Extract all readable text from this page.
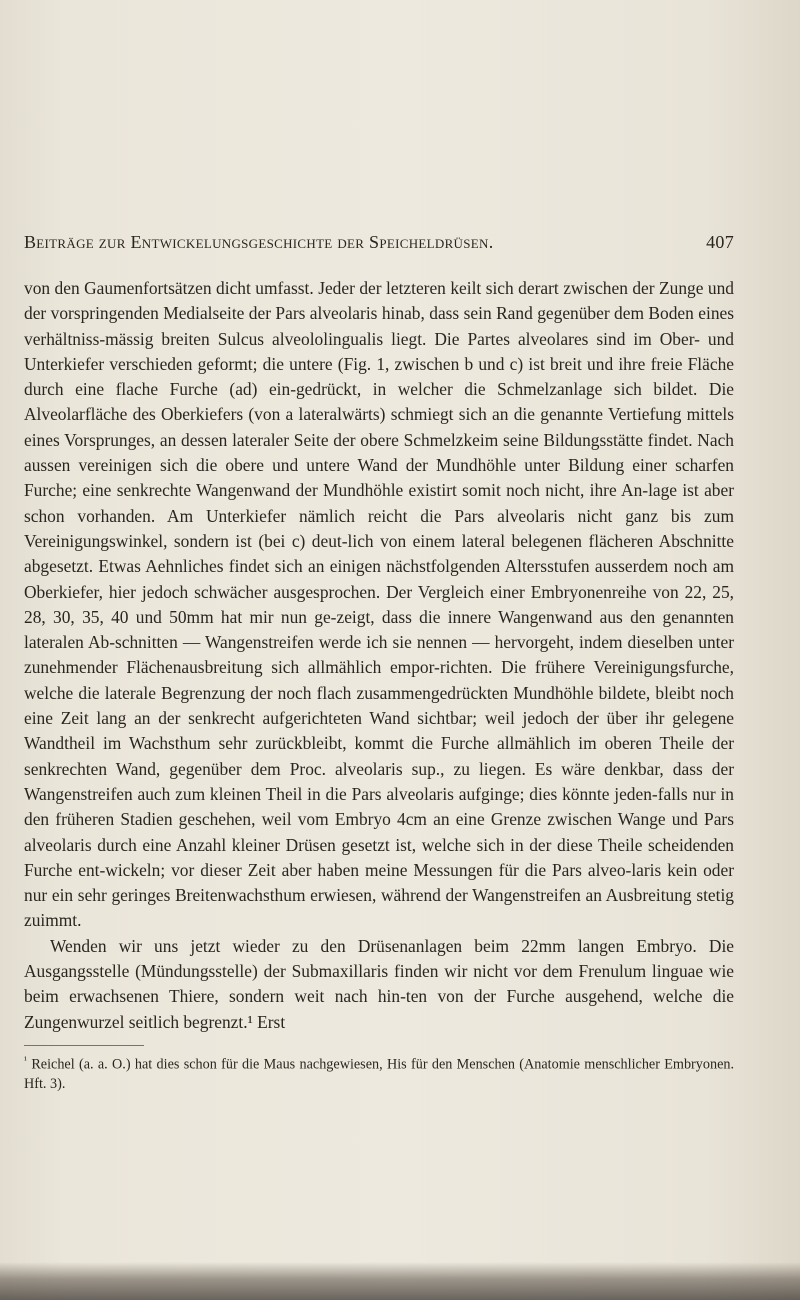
Beiträge zur Entwickelungsgeschichte der Speicheldrüsen.	407

von den Gaumenfortsätzen dicht umfasst. Jeder der letzteren keilt sich derart zwischen der Zunge und der vorspringenden Medialseite der Pars alveolaris hinab, dass sein Rand gegenüber dem Boden eines verhältniss-mässig breiten Sulcus alveololingualis liegt. Die Partes alveolares sind im Ober- und Unterkiefer verschieden geformt; die untere (Fig. 1, zwischen b und c) ist breit und ihre freie Fläche durch eine flache Furche (ad) ein-gedrückt, in welcher die Schmelzanlage sich bildet. Die Alveolarfläche des Oberkiefers (von a lateralwärts) schmiegt sich an die genannte Vertiefung mittels eines Vorsprunges, an dessen lateraler Seite der obere Schmelzkeim seine Bildungsstätte findet. Nach aussen vereinigen sich die obere und untere Wand der Mundhöhle unter Bildung einer scharfen Furche; eine senkrechte Wangenwand der Mundhöhle existirt somit noch nicht, ihre An-lage ist aber schon vorhanden. Am Unterkiefer nämlich reicht die Pars alveolaris nicht ganz bis zum Vereinigungswinkel, sondern ist (bei c) deut-lich von einem lateral belegenen flächeren Abschnitte abgesetzt. Etwas Aehnliches findet sich an einigen nächstfolgenden Altersstufen ausserdem noch am Oberkiefer, hier jedoch schwächer ausgesprochen. Der Vergleich einer Embryonenreihe von 22, 25, 28, 30, 35, 40 und 50mm hat mir nun ge-zeigt, dass die innere Wangenwand aus den genannten lateralen Ab-schnitten — Wangenstreifen werde ich sie nennen — hervorgeht, indem dieselben unter zunehmender Flächenausbreitung sich allmählich empor-richten. Die frühere Vereinigungsfurche, welche die laterale Begrenzung der noch flach zusammengedrückten Mundhöhle bildete, bleibt noch eine Zeit lang an der senkrecht aufgerichteten Wand sichtbar; weil jedoch der über ihr gelegene Wandtheil im Wachsthum sehr zurückbleibt, kommt die Furche allmählich im oberen Theile der senkrechten Wand, gegenüber dem Proc. alveolaris sup., zu liegen. Es wäre denkbar, dass der Wangenstreifen auch zum kleinen Theil in die Pars alveolaris aufginge; dies könnte jeden-falls nur in den früheren Stadien geschehen, weil vom Embryo 4cm an eine Grenze zwischen Wange und Pars alveolaris durch eine Anzahl kleiner Drüsen gesetzt ist, welche sich in der diese Theile scheidenden Furche ent-wickeln; vor dieser Zeit aber haben meine Messungen für die Pars alveo-laris kein oder nur ein sehr geringes Breitenwachsthum erwiesen, während der Wangenstreifen an Ausbreitung stetig zuimmt.

Wenden wir uns jetzt wieder zu den Drüsenanlagen beim 22mm langen Embryo. Die Ausgangsstelle (Mündungsstelle) der Submaxillaris finden wir nicht vor dem Frenulum linguae wie beim erwachsenen Thiere, sondern weit nach hin-ten von der Furche ausgehend, welche die Zungenwurzel seitlich begrenzt.¹ Erst

$^{^1}$ Reichel (a. a. O.) hat dies schon für die Maus nachgewiesen, His für den Menschen (Anatomie menschlicher Embryonen. Hft. 3).
